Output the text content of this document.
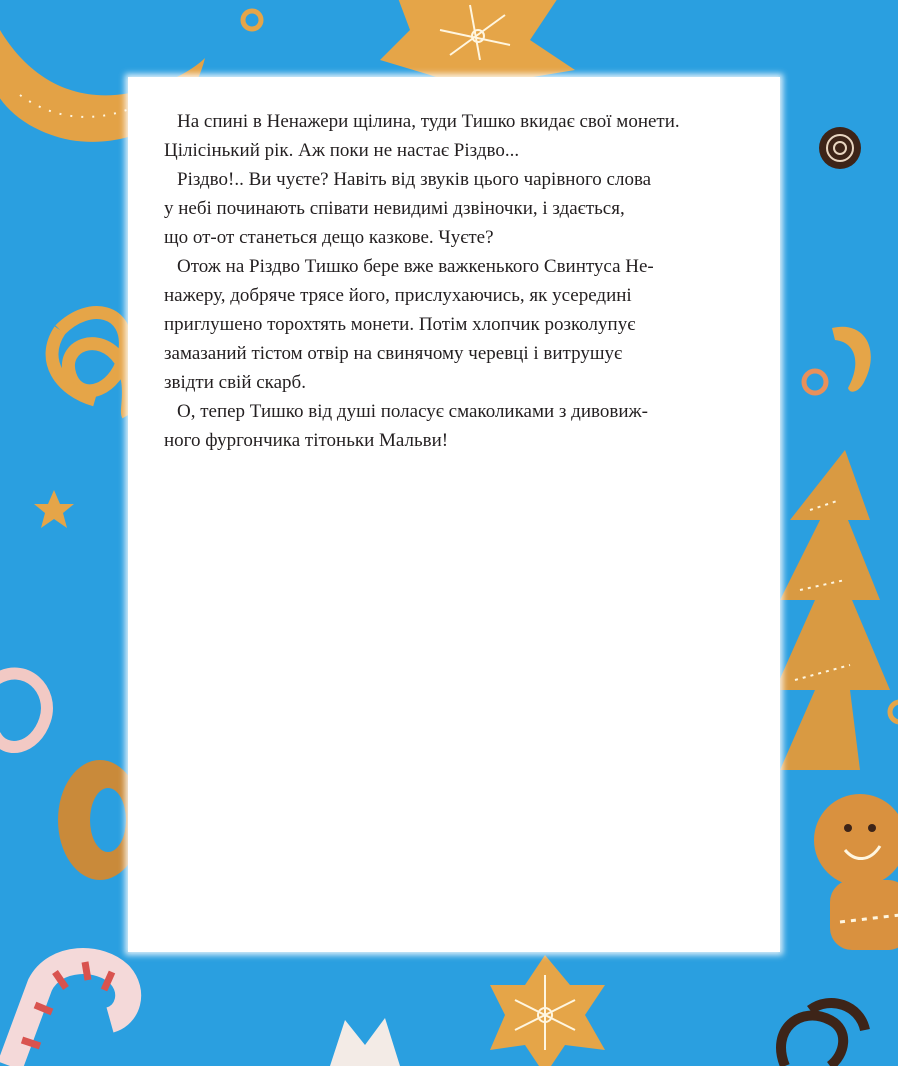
На спині в Ненажери щілина, туди Тишко вкидає свої монети.
Цілісінький рік. Аж поки не настає Різдво...

Різдво!.. Ви чуєте? Навіть від звуків цього чарівного слова
у небі починають співати невидимі дзвіночки, і здається,
що от-от станеться дещо казкове. Чуєте?

Отож на Різдво Тишко бере вже важкенького Свинтуса Не-
нажеру, добряче трясе його, прислухаючись, як усередині
приглушено торохтять монети. Потім хлопчик розколупує
замазаний тістом отвір на свинячому черевці і витрушує
звідти свій скарб.

О, тепер Тишко від душі поласує смаколиками з дивовиж-
ного фургончика тітоньки Мальви!
